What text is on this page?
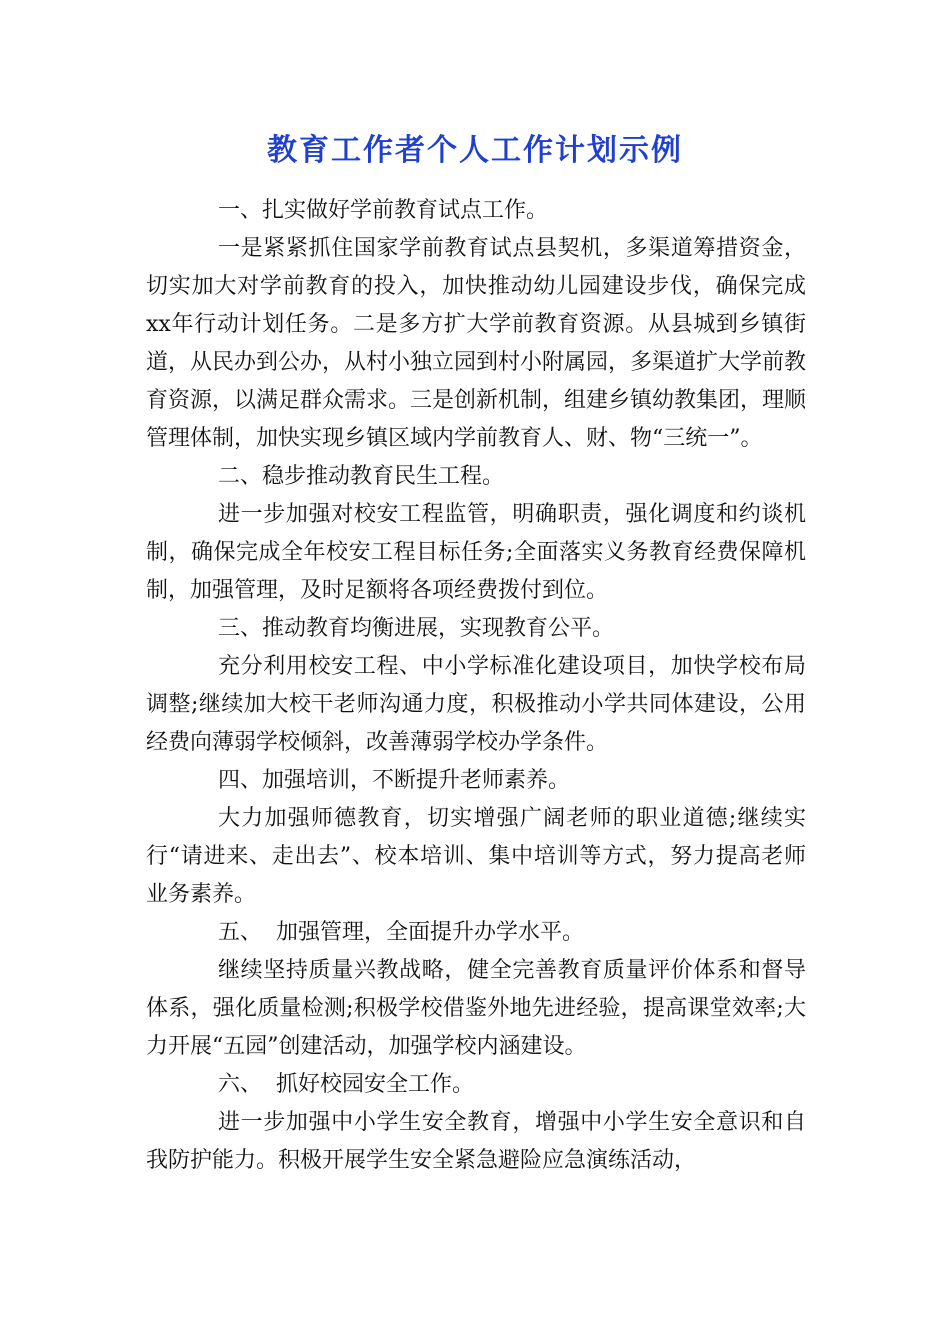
教育工作者个人工作计划示例

一、扎实做好学前教育试点工作。

一是紧紧抓住国家学前教育试点县契机，多渠道筹措资金，切实加大对学前教育的投入，加快推动幼儿园建设步伐，确保完成xx年行动计划任务。二是多方扩大学前教育资源。从县城到乡镇街道，从民办到公办，从村小独立园到村小附属园，多渠道扩大学前教育资源，以满足群众需求。三是创新机制，组建乡镇幼教集团，理顺管理体制，加快实现乡镇区域内学前教育人、财、物“三统一”。

二、稳步推动教育民生工程。

进一步加强对校安工程监管，明确职责，强化调度和约谈机制，确保完成全年校安工程目标任务;全面落实义务教育经费保障机制，加强管理，及时足额将各项经费拨付到位。

三、推动教育均衡进展，实现教育公平。

充分利用校安工程、中小学标准化建设项目，加快学校布局调整;继续加大校干老师沟通力度，积极推动小学共同体建设，公用经费向薄弱学校倾斜，改善薄弱学校办学条件。

四、加强培训，不断提升老师素养。

大力加强师德教育，切实增强广阔老师的职业道德;继续实行“请进来、走出去”、校本培训、集中培训等方式，努力提高老师业务素养。

五、  加强管理，全面提升办学水平。

继续坚持质量兴教战略，健全完善教育质量评价体系和督导体系，强化质量检测;积极学校借鉴外地先进经验，提高课堂效率;大力开展“五园”创建活动，加强学校内涵建设。

六、  抓好校园安全工作。

进一步加强中小学生安全教育，增强中小学生安全意识和自我防护能力。积极开展学生安全紧急避险应急演练活动，
